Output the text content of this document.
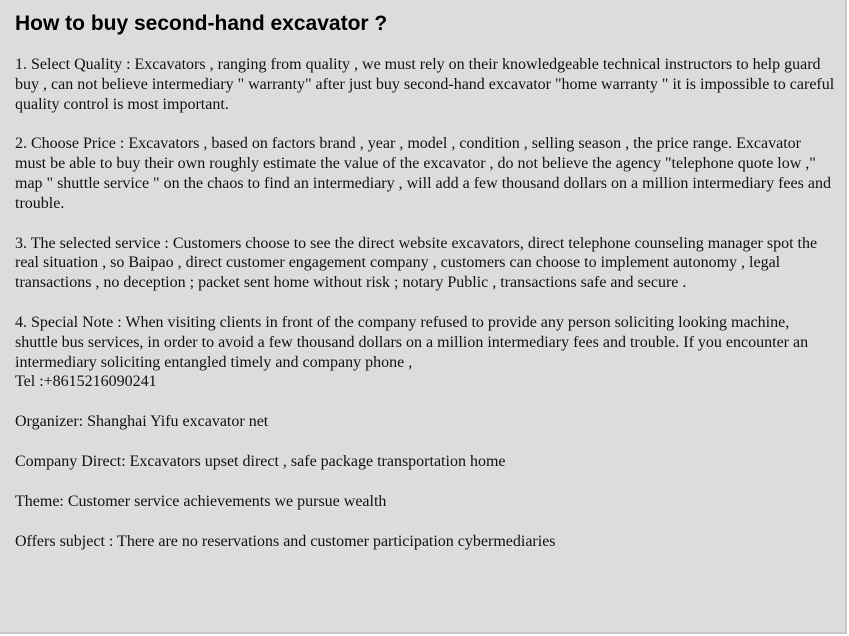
How to buy second-hand excavator ?

1. Select Quality : Excavators , ranging from quality , we must rely on their knowledgeable technical instructors to help guard buy , can not believe intermediary " warranty" after just buy second-hand excavator "home warranty " it is impossible to careful quality control is most important.

2. Choose Price : Excavators , based on factors brand , year , model , condition , selling season , the price range. Excavator must be able to buy their own roughly estimate the value of the excavator , do not believe the agency "telephone quote low ," map " shuttle service " on the chaos to find an intermediary , will add a few thousand dollars on a million intermediary fees and trouble.

3. The selected service : Customers choose to see the direct website excavators, direct telephone counseling manager spot the real situation , so Baipao , direct customer engagement company , customers can choose to implement autonomy , legal transactions , no deception ; packet sent home without risk ; notary Public , transactions safe and secure .

4. Special Note : When visiting clients in front of the company refused to provide any person soliciting looking machine, shuttle bus services, in order to avoid a few thousand dollars on a million intermediary fees and trouble. If you encounter an intermediary soliciting entangled timely and company phone ,

Tel :+8615216090241

Organizer: Shanghai Yifu excavator net

Company Direct: Excavators upset direct , safe package transportation home

Theme: Customer service achievements we pursue wealth

Offers subject : There are no reservations and customer participation cybermediaries
